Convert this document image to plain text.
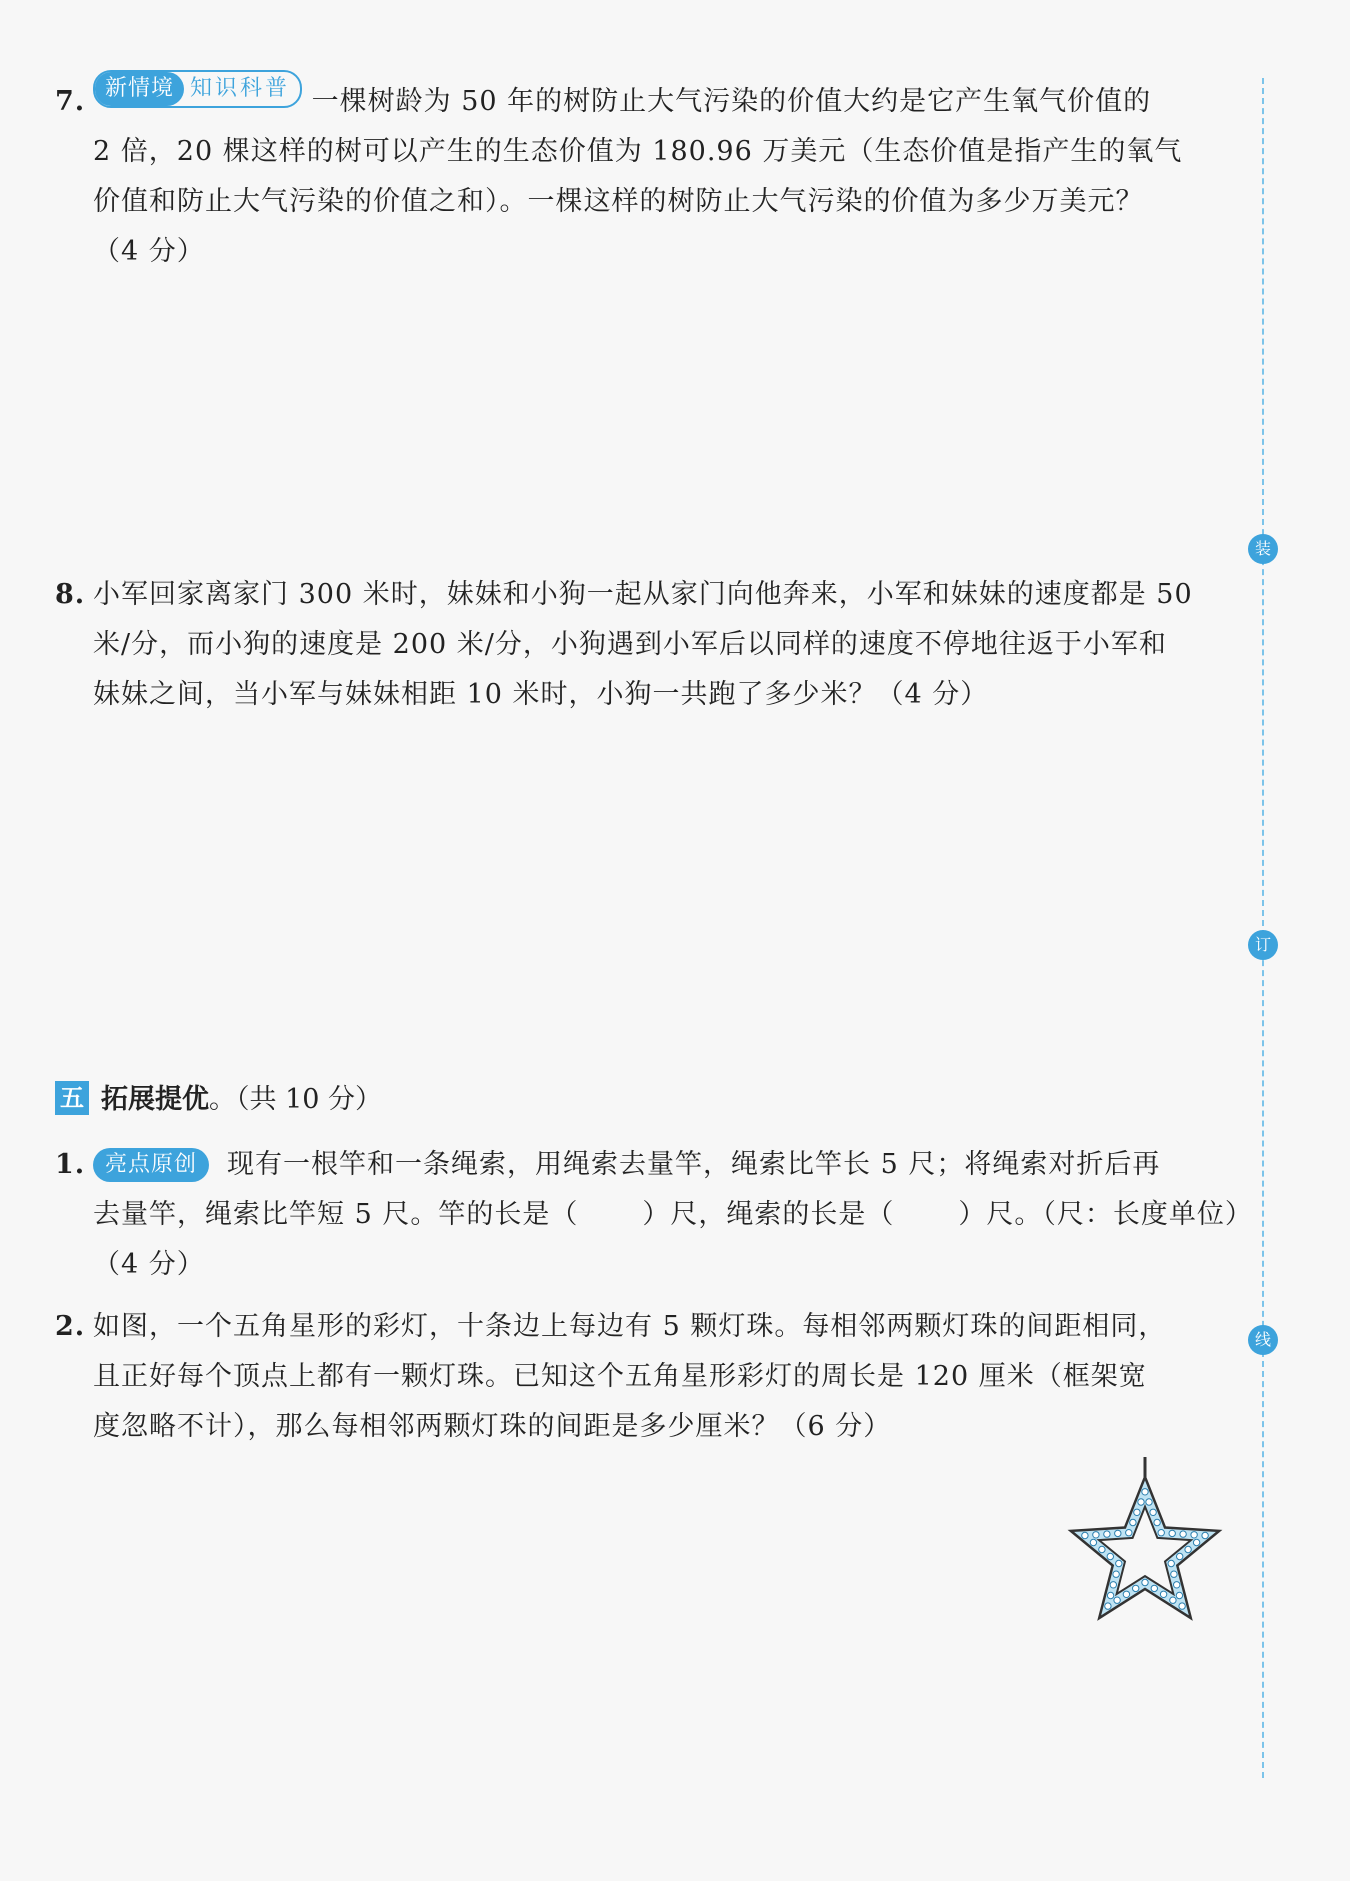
7. 新情境 知识科普 一棵树龄为 50 年的树防止大气污染的价值大约是它产生氧气价值的
2 倍，20 棵这样的树可以产生的生态价值为 180.96 万美元（生态价值是指产生的氧气
价值和防止大气污染的价值之和）。一棵这样的树防止大气污染的价值为多少万美元？
（4 分）
8. 小军回家离家门 300 米时，妹妹和小狗一起从家门向他奔来，小军和妹妹的速度都是 50
米/分，而小狗的速度是 200 米/分，小狗遇到小军后以同样的速度不停地往返于小军和
妹妹之间，当小军与妹妹相距 10 米时，小狗一共跑了多少米？（4 分）
五 拓展提优。（共 10 分）
1. 亮点原创 现有一根竿和一条绳索，用绳索去量竿，绳索比竿长 5 尺；将绳索对折后再
去量竿，绳索比竿短 5 尺。竿的长是（ ）尺，绳索的长是（ ）尺。（尺：长度单位）
（4 分）
2. 如图，一个五角星形的彩灯，十条边上每边有 5 颗灯珠。每相邻两颗灯珠的间距相同，
且正好每个顶点上都有一颗灯珠。已知这个五角星形彩灯的周长是 120 厘米（框架宽
度忽略不计），那么每相邻两颗灯珠的间距是多少厘米？（6 分）
装
订
线
